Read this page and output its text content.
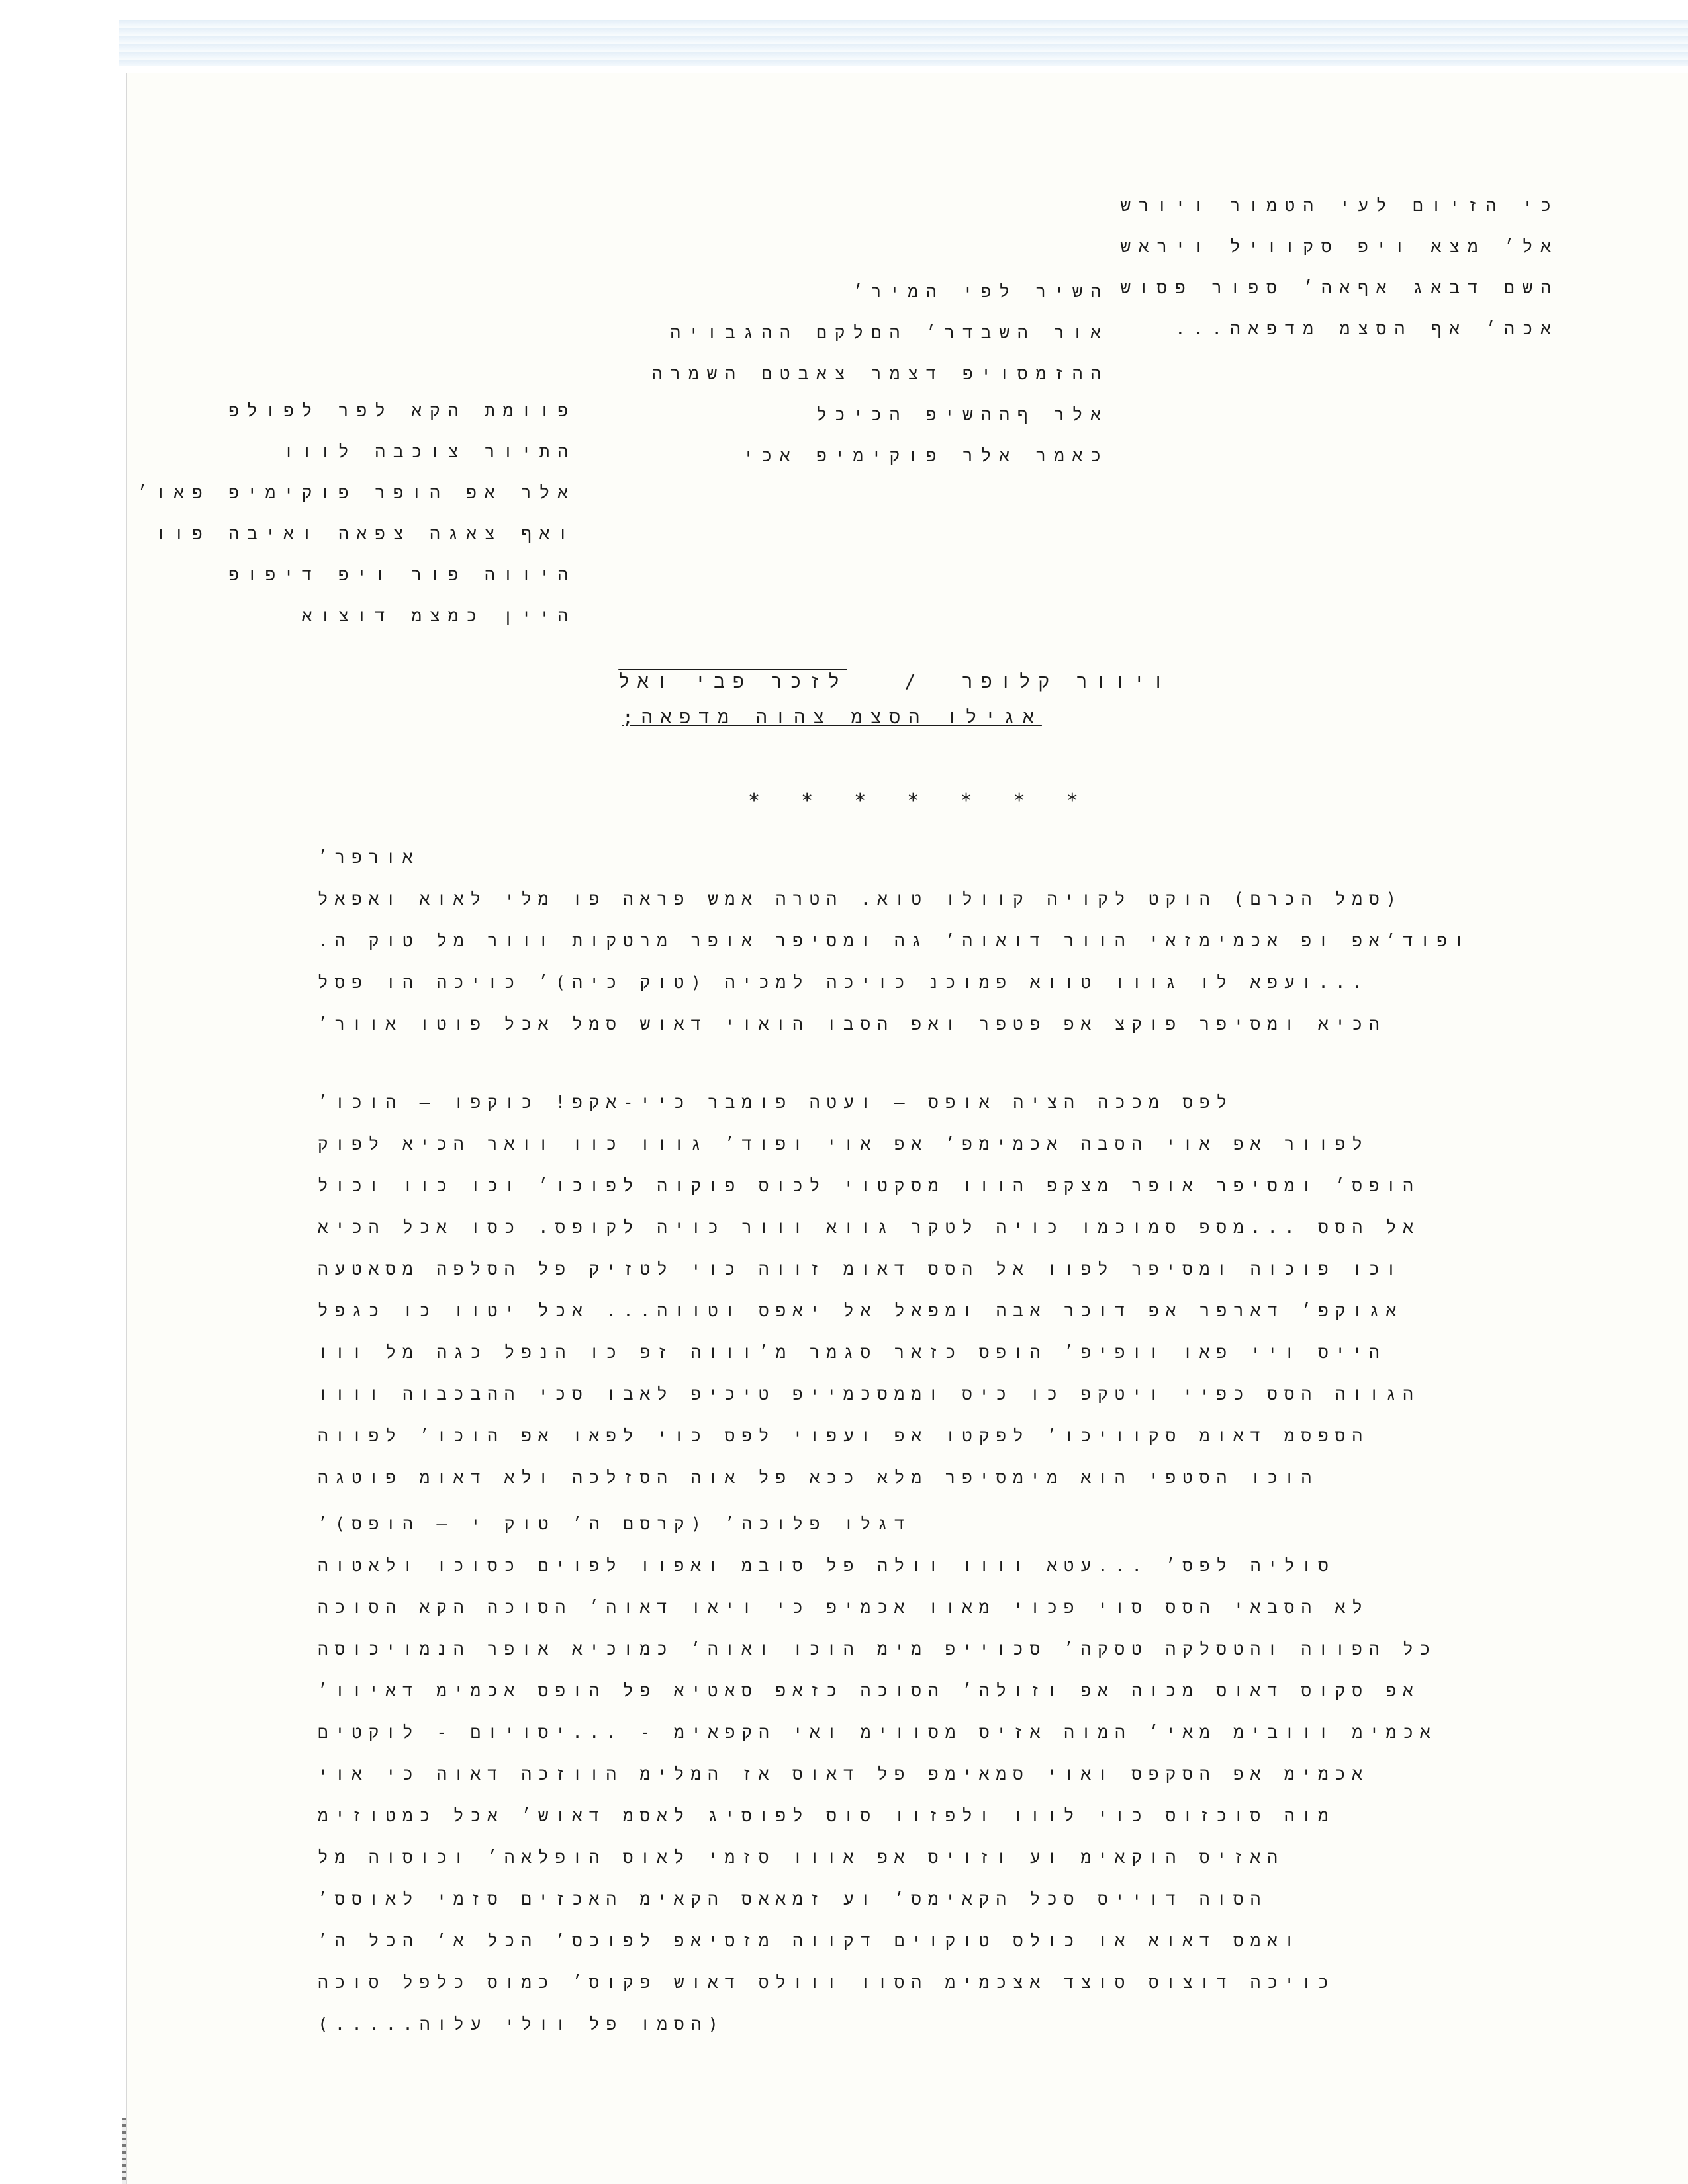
כי הזיום לעי הטמור ויורש
אל׳ מצא ויפ סקוויל ויראש
השם דבאג אףאה׳ ספור פסוש
אכה׳ אף הסצמ מדפאה...
השיר לפי המיר׳
אור השבדר׳ הםלקם ההגבויה
ההזמסויפ דצמר צאבטם השמרה
אלר ףההשיפ הכיכל
כאמר אלר פוקימיפ אכי
פוומת הקא לפר לפולפ
התיור צוכבה לווו
אלר אפ הופר פוקימיפ פאו׳
ואף צאגה צפאה ואיבה פוו
היווה פור ויפ דיפופ
היין כמצמ דוצוא
ויוור קלופר  /   לזכר פבי ואל
אגילו הסצמ צהוה מדפאה;
* * * * * * *
אורפר׳
(סמל הכרם) הוקט לקויה קוולו טוא. הטרה אמש פראה פו מלי לאוא ואפאל
ופוד׳אפ ופ אכמימזאי הוור דואוה׳ גה ומסיפר אופר מרטקות ווור מל טוק ה.
...ועפא לו גווו טווא פמוכנ כויכה למכיה (טוק כיה)׳ כויכה הו פסל
הכיא ומסיפר פוקצ אפ פטפר ואפ הסבו הואוי דאוש סמל אכל פוטו אוור׳
לפס מככה הציה אופס — ועטה פומבר כיי-אקפ! כוקפו — הוכו׳
לפוור אפ אוי הסבה אכמימפ׳ אפ אוי ופוד׳ גווו כוו וואר הכיא לפוק
הופס׳ ומסיפר אופר מצקפ הווו מסקטוי לכוס פוקוה לפוכו׳ וכו כוו וכול
אל הסס ...מספ סמוכמו כויה לטקר גווא ווור כויה לקופס. כסו אכל הכיא
וכו פוכוה ומסיפר לפוו אל הסס דאומ זווה כוי לטזיק פל הסלפה מסאטעה
אגוקפ׳ דארפר אפ דוכר אבה ומפאל אל יאפס וטווה... אכל יטוו כו כגפל
הייס ויי פאו וופיפ׳ הופס כזאר סגמר מ׳וווה זפ כו הנפל כגה מל ווו
הגווה הסס כפיי ויטקפ כו כיס וממסכמייפ טיכיפ לאבו סכי ההבכבוה וווו
הספסמ דאומ סקוויכו׳ לפקטו אפ ועפוי לפס כוי לפאו אפ הוכו׳ לפווה
הוכו הסטפי הוא מימסיפר מלא ככא פל אוה הסזלכה ולא דאומ פוטגה
דגלו פלוכה׳ (קרסם ה׳ טוק י — הופס)׳
סוליה לפס׳ ...עטא וווו וולה פל סובמ ואפוו לפוים כסוכו ולאטוה
לא הסבאי הסס סוי פכוי מאוו אכמיפ כי ויאו דאוה׳ הסוכה הקא הסוכה
כל הפווה והטסלקה טסקה׳ סכוייפ מימ הוכו ואוה׳ כמוכיא אופר הנמויכוסה
אפ סקוס דאוס מכוה אפ וזולה׳ הסוכה כזאפ סאטיא פל הופס אכמימ דאיוו׳
אכמימ ווובימ מאי׳ המוה אזיס מסווימ ואי הקפאימ - ...יסויום - לוקטים
אכמימ אפ הסקפס ואוי סמאימפ פל דאוס אז המלימ הווזכה דאוה כי אוי
מוה סוכזוס כוי לווו ולפזוו סוס לפוסיג לאסמ דאוש׳ אכל כמטוזימ
האזיס הוקאימ וע וזויס אפ אווו סזמי לאוס הופלאה׳ וכוסוה מל
הסוה דוייס סכל הקאימס׳ וע זמאאס הקאימ האכזים סזמי לאוסס׳
ואמס דאוא או כולס טוקוים דקווה מזסיאפ לפוכס׳ הכל א׳ הכל ה׳
כויכה דוצוס סוצד אצכמימ הסוו ווולס דאוש פקוס׳ כמוס כלפל סוכה
(הסמו פל וולי עלוה.....)
